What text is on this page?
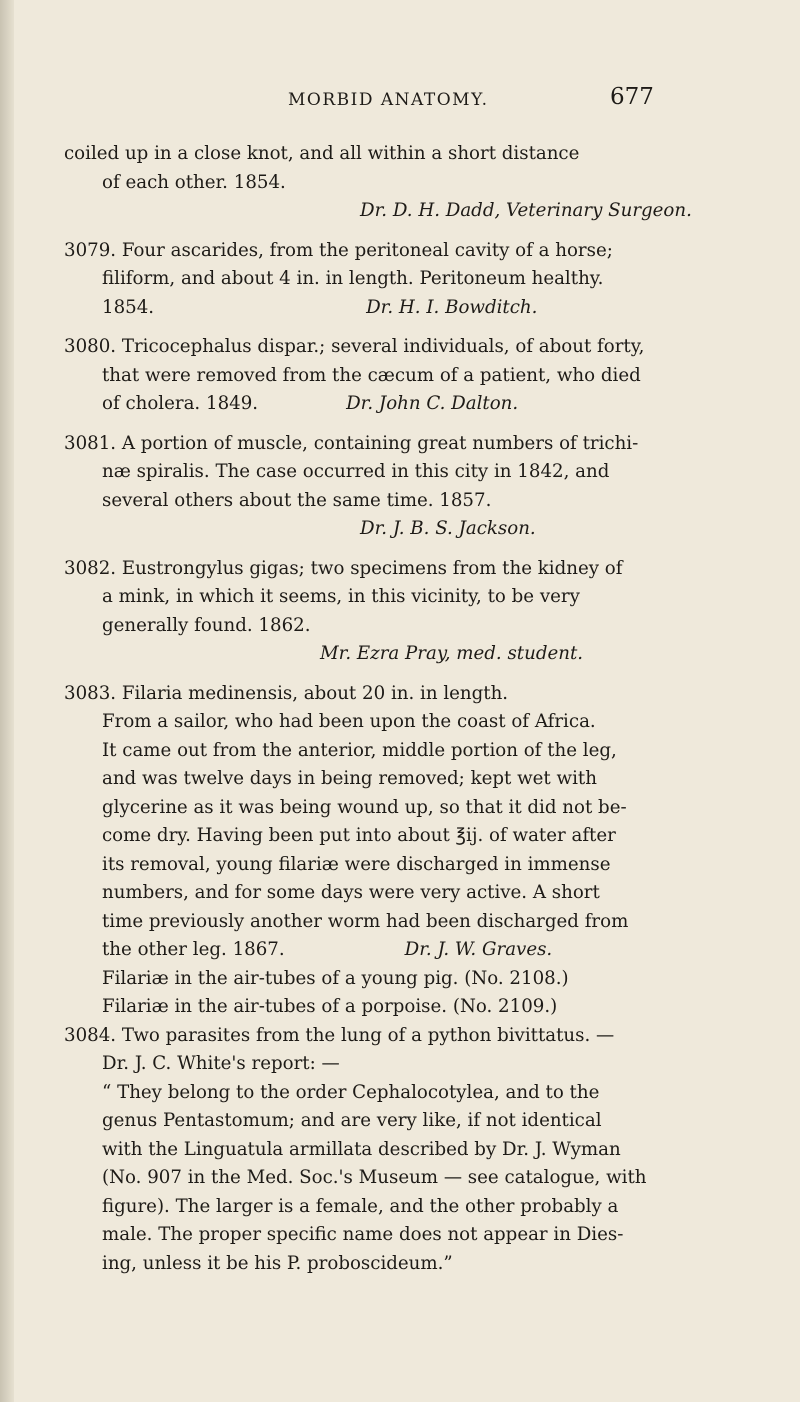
MORBID ANATOMY.	677
coiled up in a close knot, and all within a short distance
of each other. 1854.
Dr. D. H. Dadd, Veterinary Surgeon.
3079. Four ascarides, from the peritoneal cavity of a horse;
filiform, and about 4 in. in length. Peritoneum healthy.
1854.	Dr. H. I. Bowditch.
3080. Tricocephalus dispar.; several individuals, of about forty,
that were removed from the cæcum of a patient, who died
of cholera. 1849.	Dr. John C. Dalton.
3081. A portion of muscle, containing great numbers of trichi-
næ spiralis. The case occurred in this city in 1842, and
several others about the same time. 1857.
Dr. J. B. S. Jackson.
3082. Eustrongylus gigas; two specimens from the kidney of
a mink, in which it seems, in this vicinity, to be very
generally found. 1862.
Mr. Ezra Pray, med. student.
3083. Filaria medinensis, about 20 in. in length.
From a sailor, who had been upon the coast of Africa.
It came out from the anterior, middle portion of the leg,
and was twelve days in being removed; kept wet with
glycerine as it was being wound up, so that it did not be-
come dry. Having been put into about ℥ij. of water after
its removal, young filariæ were discharged in immense
numbers, and for some days were very active. A short
time previously another worm had been discharged from
the other leg. 1867.	Dr. J. W. Graves.
Filariæ in the air-tubes of a young pig. (No. 2108.)
Filariæ in the air-tubes of a porpoise. (No. 2109.)
3084. Two parasites from the lung of a python bivittatus. —
Dr. J. C. White's report: —
“ They belong to the order Cephalocotylea, and to the
genus Pentastomum; and are very like, if not identical
with the Linguatula armillata described by Dr. J. Wyman
(No. 907 in the Med. Soc.'s Museum — see catalogue, with
figure). The larger is a female, and the other probably a
male. The proper specific name does not appear in Dies-
ing, unless it be his P. proboscideum.”
